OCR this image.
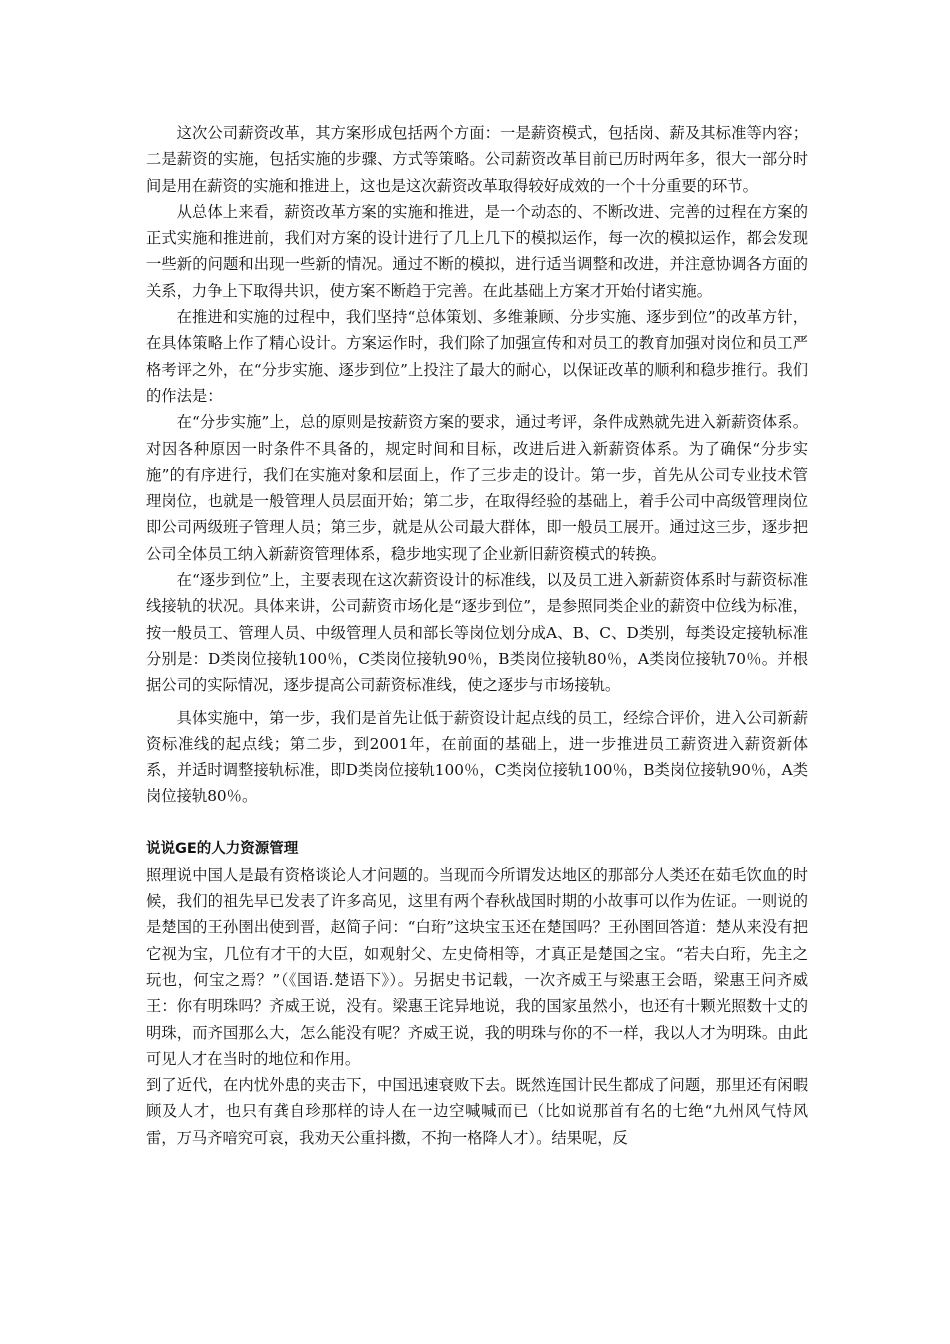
这次公司薪资改革，其方案形成包括两个方面：一是薪资模式，包括岗、薪及其标准等内容；二是薪资的实施，包括实施的步骤、方式等策略。公司薪资改革目前已历时两年多，很大一部分时间是用在薪资的实施和推进上，这也是这次薪资改革取得较好成效的一个十分重要的环节。

从总体上来看，薪资改革方案的实施和推进，是一个动态的、不断改进、完善的过程在方案的正式实施和推进前，我们对方案的设计进行了几上几下的模拟运作，每一次的模拟运作，都会发现一些新的问题和出现一些新的情况。通过不断的模拟，进行适当调整和改进，并注意协调各方面的关系，力争上下取得共识，使方案不断趋于完善。在此基础上方案才开始付诸实施。

在推进和实施的过程中，我们坚持“总体策划、多维兼顾、分步实施、逐步到位”的改革方针，在具体策略上作了精心设计。方案运作时，我们除了加强宣传和对员工的教育加强对岗位和员工严格考评之外，在“分步实施、逐步到位”上投注了最大的耐心，以保证改革的顺利和稳步推行。我们的作法是：

在“分步实施”上，总的原则是按薪资方案的要求，通过考评，条件成熟就先进入新薪资体系。对因各种原因一时条件不具备的，规定时间和目标，改进后进入新薪资体系。为了确保“分步实施”的有序进行，我们在实施对象和层面上，作了三步走的设计。第一步，首先从公司专业技术管理岗位，也就是一般管理人员层面开始；第二步，在取得经验的基础上，着手公司中高级管理岗位即公司两级班子管理人员；第三步，就是从公司最大群体，即一般员工展开。通过这三步，逐步把公司全体员工纳入新薪资管理体系，稳步地实现了企业新旧薪资模式的转换。

在“逐步到位”上，主要表现在这次薪资设计的标准线，以及员工进入新薪资体系时与薪资标准线接轨的状况。具体来讲，公司薪资市场化是“逐步到位”，是参照同类企业的薪资中位线为标准，按一般员工、管理人员、中级管理人员和部长等岗位划分成A、B、C、D类别，每类设定接轨标准分别是：D类岗位接轨100％，C类岗位接轨90％，B类岗位接轨80％，A类岗位接轨70％。并根据公司的实际情况，逐步提高公司薪资标准线，使之逐步与市场接轨。

具体实施中，第一步，我们是首先让低于薪资设计起点线的员工，经综合评价，进入公司新薪资标准线的起点线；第二步，到2001年，在前面的基础上，进一步推进员工薪资进入薪资新体系，并适时调整接轨标准，即D类岗位接轨100％，C类岗位接轨100％，B类岗位接轨90％，A类岗位接轨80％。

说说GE的人力资源管理

照理说中国人是最有资格谈论人才问题的。当现而今所谓发达地区的那部分人类还在茹毛饮血的时候，我们的祖先早已发表了许多高见，这里有两个春秋战国时期的小故事可以作为佐证。一则说的是楚国的王孙圉出使到晋，赵简子问：“白珩”这块宝玉还在楚国吗？王孙圉回答道：楚从来没有把它视为宝，几位有才干的大臣，如观射父、左史倚相等，才真正是楚国之宝。“若夫白珩，先主之玩也，何宝之焉？”（《国语.楚语下》）。另据史书记载，一次齐威王与梁惠王会晤，梁惠王问齐威王：你有明珠吗？齐威王说，没有。梁惠王诧异地说，我的国家虽然小，也还有十颗光照数十丈的明珠，而齐国那么大，怎么能没有呢？齐威王说，我的明珠与你的不一样，我以人才为明珠。由此可见人才在当时的地位和作用。

到了近代，在内忧外患的夹击下，中国迅速衰败下去。既然连国计民生都成了问题，那里还有闲暇顾及人才，也只有龚自珍那样的诗人在一边空喊喊而已（比如说那首有名的七绝“九州风气恃风雷，万马齐喑究可哀，我劝天公重抖擞，不拘一格降人才）。结果呢，反
